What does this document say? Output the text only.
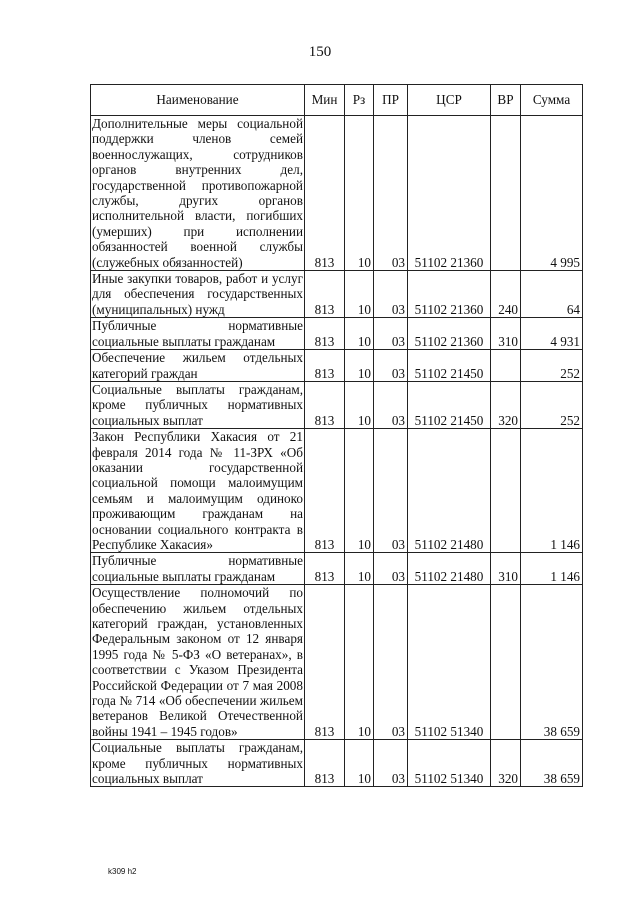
150
Наименование	Мин	Рз	ПР	ЦСР	ВР	Сумма
Дополнительные меры социальной поддержки членов семей военнослужащих, сотрудников органов внутренних дел, государственной противопожарной службы, других органов исполнительной власти, погибших (умерших) при исполнении обязанностей военной службы (служебных обязанностей)	813	10	03	51102 21360		4 995
Иные закупки товаров, работ и услуг для обеспечения государственных (муниципальных) нужд	813	10	03	51102 21360	240	64
Публичные нормативные социальные выплаты гражданам	813	10	03	51102 21360	310	4 931
Обеспечение жильем отдельных категорий граждан	813	10	03	51102 21450		252
Социальные выплаты гражданам, кроме публичных нормативных социальных выплат	813	10	03	51102 21450	320	252
Закон Республики Хакасия от 21 февраля 2014 года № 11-ЗРХ «Об оказании государственной социальной помощи малоимущим семьям и малоимущим одиноко проживающим гражданам на основании социального контракта в Республике Хакасия»	813	10	03	51102 21480		1 146
Публичные нормативные социальные выплаты гражданам	813	10	03	51102 21480	310	1 146
Осуществление полномочий по обеспечению жильем отдельных категорий граждан, установленных Федеральным законом от 12 января 1995 года № 5-ФЗ «О ветеранах», в соответствии с Указом Президента Российской Федерации от 7 мая 2008 года № 714 «Об обеспечении жильем ветеранов Великой Отечественной войны 1941 – 1945 годов»	813	10	03	51102 51340		38 659
Социальные выплаты гражданам, кроме публичных нормативных социальных выплат	813	10	03	51102 51340	320	38 659
k309 h2
